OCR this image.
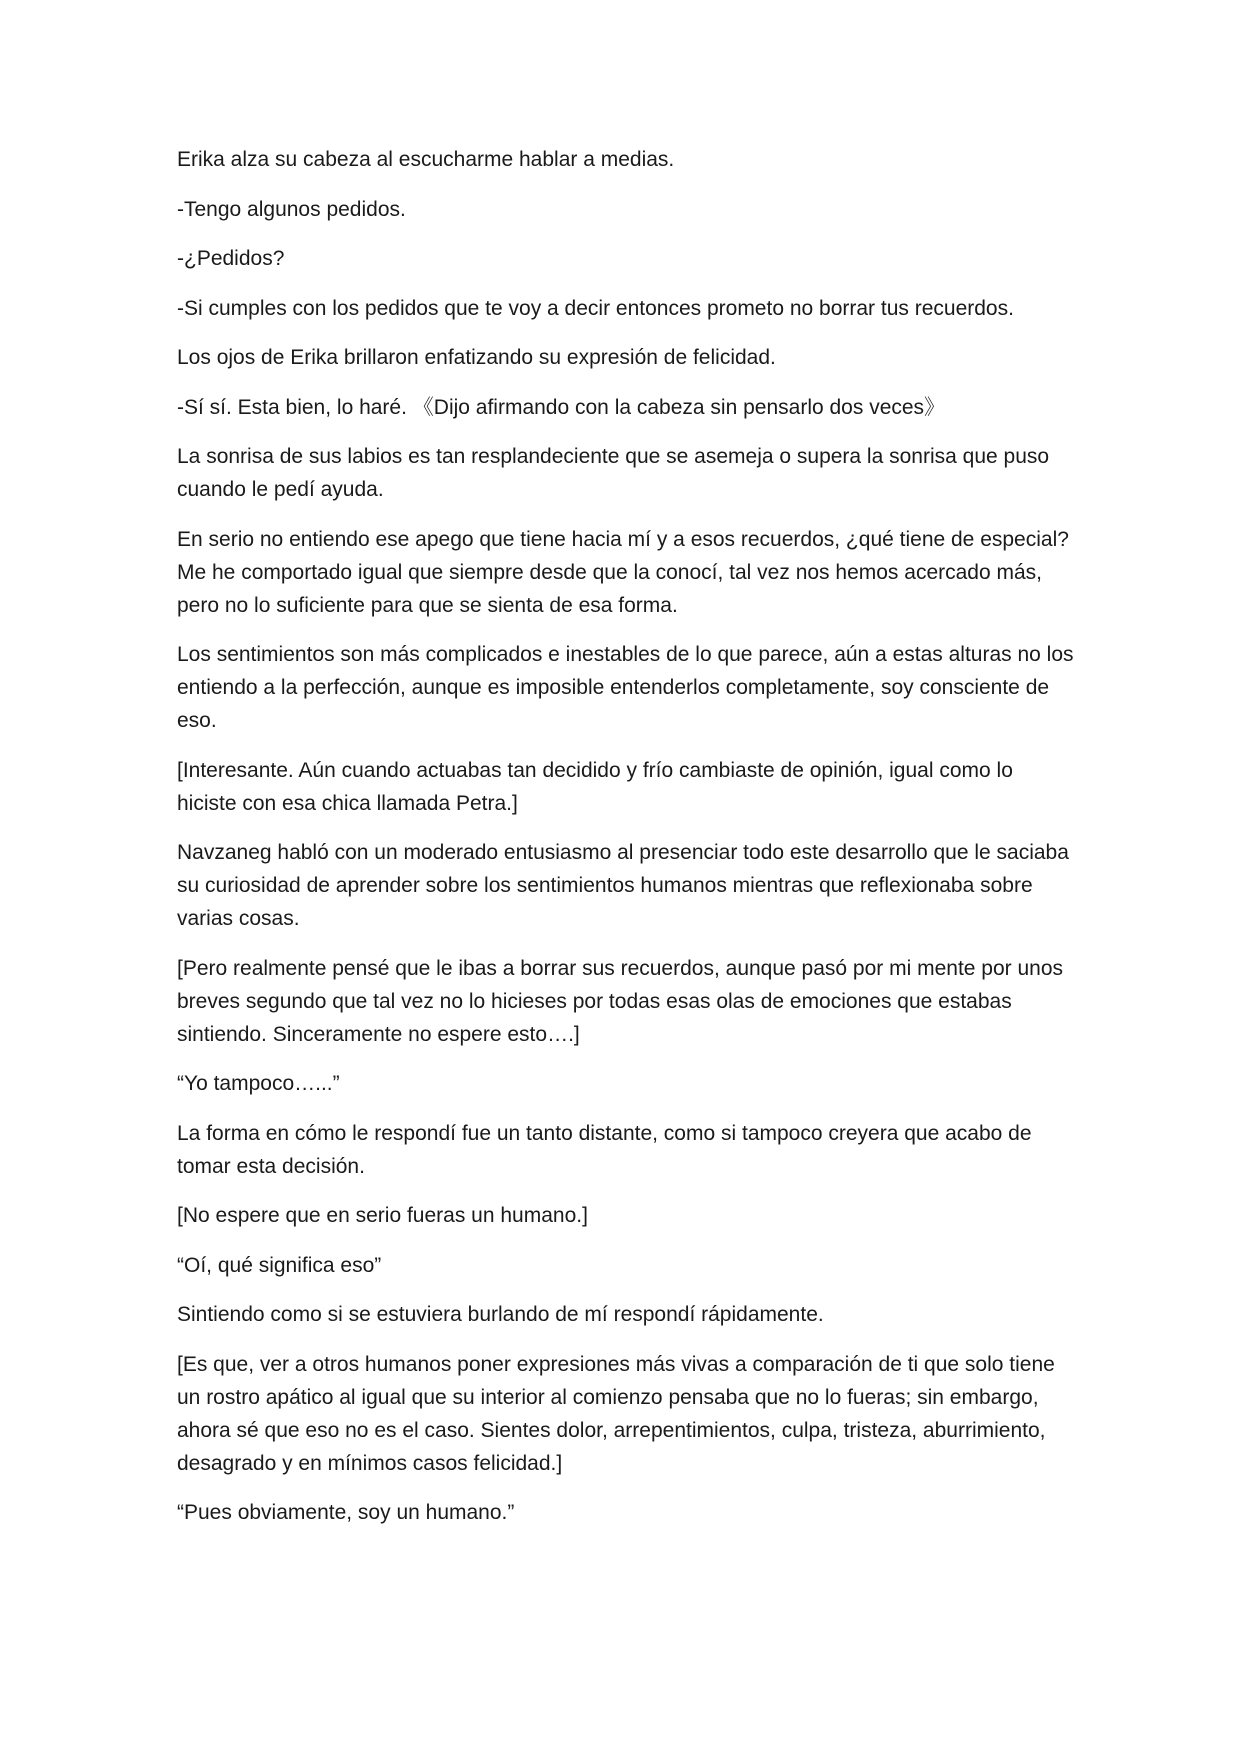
Erika alza su cabeza al escucharme hablar a medias.

-Tengo algunos pedidos.

-¿Pedidos?

-Si cumples con los pedidos que te voy a decir entonces prometo no borrar tus recuerdos.

Los ojos de Erika brillaron enfatizando su expresión de felicidad.

-Sí sí. Esta bien, lo haré. 《Dijo afirmando con la cabeza sin pensarlo dos veces》

La sonrisa de sus labios es tan resplandeciente que se asemeja o supera la sonrisa que puso cuando le pedí ayuda.

En serio no entiendo ese apego que tiene hacia mí y a esos recuerdos, ¿qué tiene de especial? Me he comportado igual que siempre desde que la conocí, tal vez nos hemos acercado más, pero no lo suficiente para que se sienta de esa forma.

Los sentimientos son más complicados e inestables de lo que parece, aún a estas alturas no los entiendo a la perfección, aunque es imposible entenderlos completamente, soy consciente de eso.

[Interesante. Aún cuando actuabas tan decidido y frío cambiaste de opinión, igual como lo hiciste con esa chica llamada Petra.]

Navzaneg habló con un moderado entusiasmo al presenciar todo este desarrollo que le saciaba su curiosidad de aprender sobre los sentimientos humanos mientras que reflexionaba sobre varias cosas.

[Pero realmente pensé que le ibas a borrar sus recuerdos, aunque pasó por mi mente por unos breves segundo que tal vez no lo hicieses por todas esas olas de emociones que estabas sintiendo. Sinceramente no espere esto….]

“Yo tampoco…...”

La forma en cómo le respondí fue un tanto distante, como si tampoco creyera que acabo de tomar esta decisión.

[No espere que en serio fueras un humano.]

“Oí, qué significa eso”

Sintiendo como si se estuviera burlando de mí respondí rápidamente.

[Es que, ver a otros humanos poner expresiones más vivas a comparación de ti que solo tiene un rostro apático al igual que su interior al comienzo pensaba que no lo fueras; sin embargo, ahora sé que eso no es el caso. Sientes dolor, arrepentimientos, culpa, tristeza, aburrimiento, desagrado y en mínimos casos felicidad.]

“Pues obviamente, soy un humano.”
